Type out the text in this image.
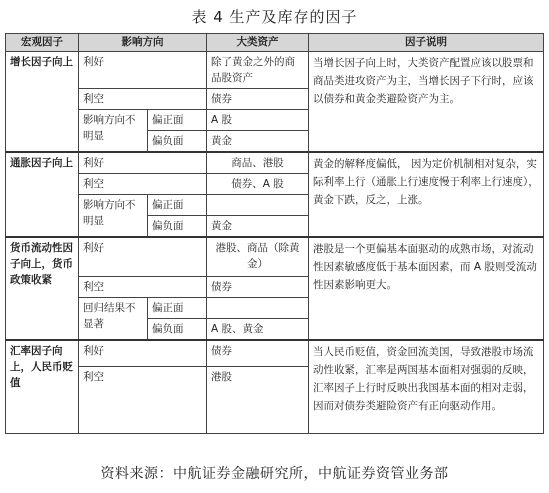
表 4 生产及库存的因子
宏观因子	影响方向		大类资产	因子说明
增长因子向上	利好		除了黄金之外的商品股资产	当增长因子向上时，大类资产配置应该以股票和商品类进攻资产为主，当增长因子下行时，应该以债券和黄金类避险资产为主。
	利空		债券	
	影响方向不明显	偏正面	A 股	
		偏负面	黄金	
通胀因子向上	利好		商品、港股	黄金的解释度偏低， 因为定价机制相对复杂，实际利率上行（通胀上行速度慢于利率上行速度），黄金下跌，反之，上涨。
	利空		债券、A 股	
	影响方向不明显	偏正面		
		偏负面	黄金	
货币流动性因子向上，货币政策收紧	利好		港股、商品（除黄金）	港股是一个更偏基本面驱动的成熟市场，对流动性因素敏感度低于基本面因素，而 A 股则受流动性因素影响更大。
	利空		债券	
	回归结果不显著	偏正面		
		偏负面	A 股、黄金	
汇率因子向上，人民币贬值	利好		债券	当人民币贬值，资金回流美国，导致港股市场流动性收紧，汇率是两国基本面相对强弱的反映，汇率因子上行时反映出我国基本面的相对走弱，因而对债券类避险资产有正向驱动作用。
	利空		港股	
资料来源：中航证券金融研究所，中航证券资管业务部
